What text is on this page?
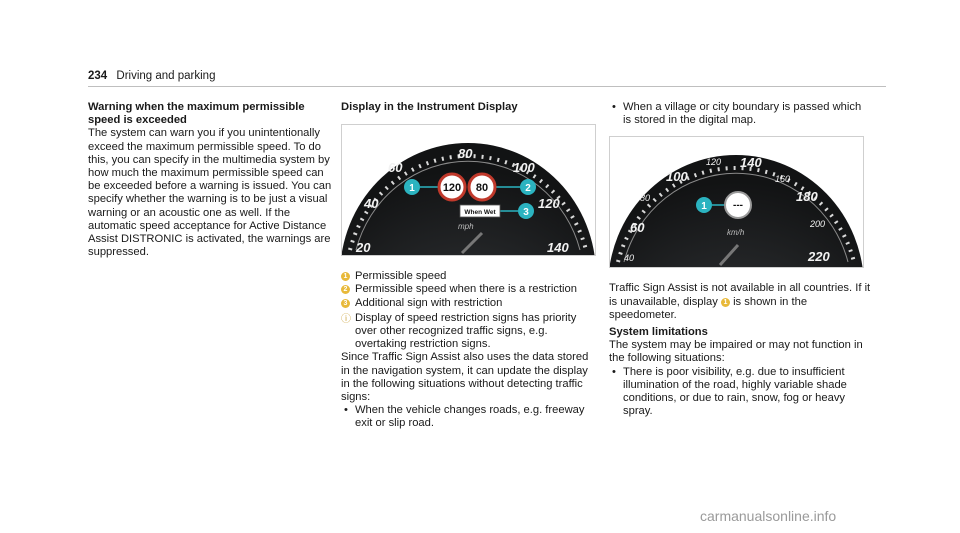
234 Driving and parking

Warning when the maximum permissible speed is exceeded

The system can warn you if you unintentionally exceed the maximum permissible speed. To do this, you can specify in the multimedia system by how much the maximum permissible speed can be exceeded before a warning is issued. You can specify whether the warning is to be just a visual warning or an acoustic one as well. If the automatic speed acceptance for Active Distance Assist DISTRONIC is activated, the warnings are suppressed.

Display in the Instrument Display

20
40
60
80
100
120
140
mph
120 80
When Wet
1	2
3
1 Permissible speed
2 Permissible speed when there is a restriction
3 Additional sign with restriction
ⓘ Display of speed restriction signs has priority over other recognized traffic signs, e.g. overtaking restriction signs.

Since Traffic Sign Assist also uses the data stored in the navigation system, it can update the display in the following situations without detecting traffic signs:

• When the vehicle changes roads, e.g. freeway exit or slip road.
• When a village or city boundary is passed which is stored in the digital map.
40
60
80
100
120 140
160
180
200
220
km/h
---
1

Traffic Sign Assist is not available in all countries. If it is unavailable, display 1 is shown in the speedometer.

System limitations

The system may be impaired or may not function in the following situations:

• There is poor visibility, e.g. due to insufficient illumination of the road, highly variable shade conditions, or due to rain, snow, fog or heavy spray.
carmanualsonline.info
